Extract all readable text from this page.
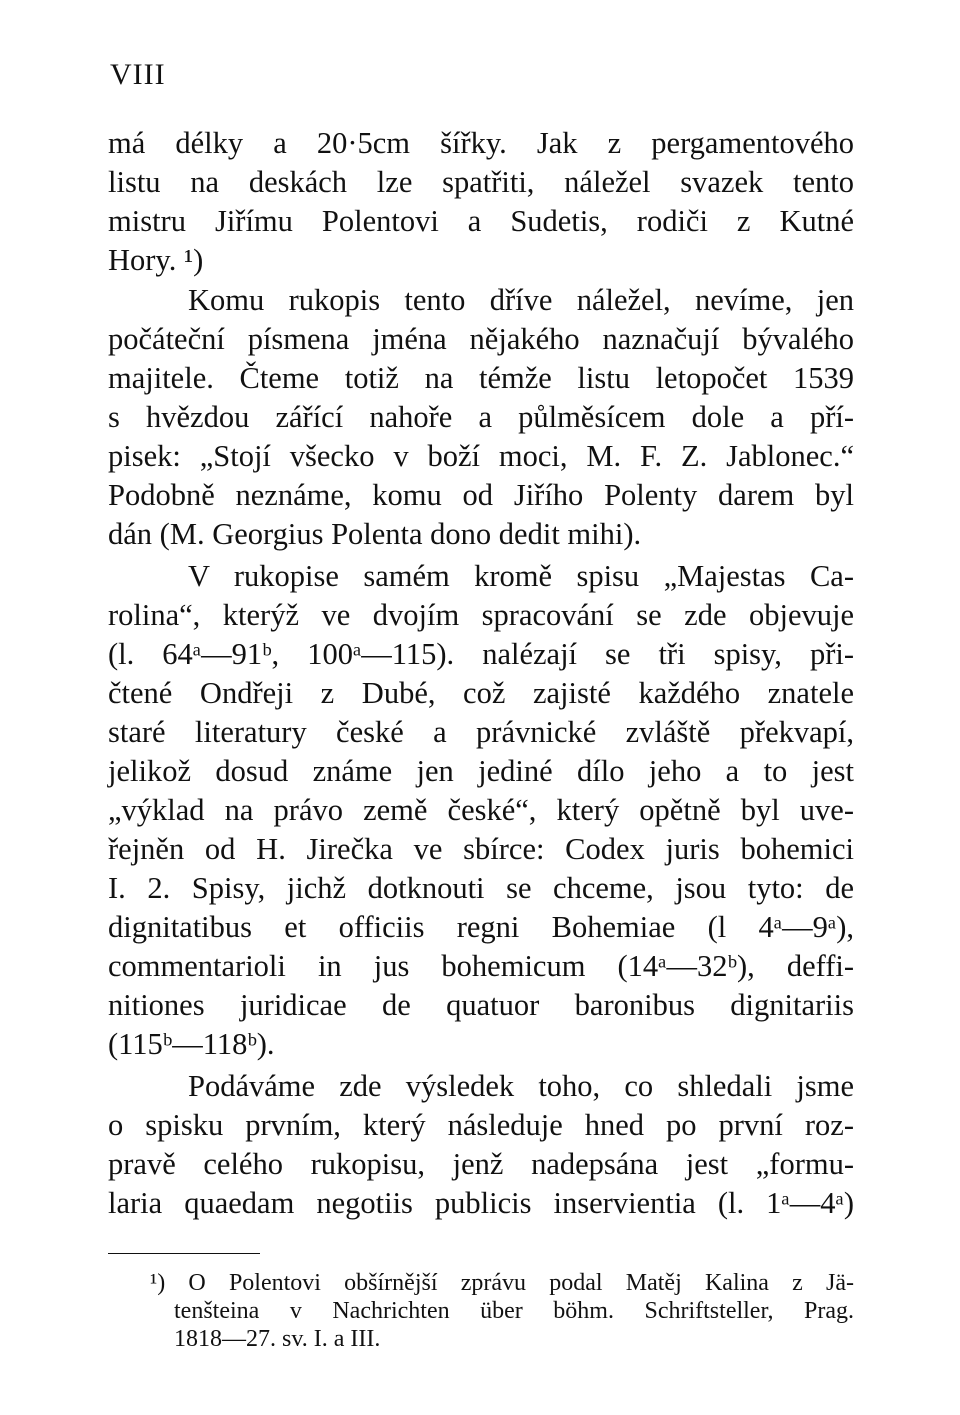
VIII
má délky a 20·5cm šířky. Jak z pergamentového
listu na deskách lze spatřiti, náležel svazek tento
mistru Jiřímu Polentovi a Sudetis, rodiči z Kutné
Hory. ¹)
Komu rukopis tento dříve náležel, nevíme, jen
počáteční písmena jména nějakého naznačují bývalého
majitele. Čteme totiž na témže listu letopočet 1539
s hvězdou zářící nahoře a půlměsícem dole a pří-
pisek: „Stojí všecko v boží moci, M. F. Z. Jablonec.“
Podobně neznáme, komu od Jiřího Polenty darem byl
dán (M. Georgius Polenta dono dedit mihi).
V rukopise samém kromě spisu „Majestas Ca-
rolina“, kterýž ve dvojím spracování se zde objevuje
(l. 64ᵃ—91ᵇ, 100ᵃ—115). nalézají se tři spisy, při-
čtené Ondřeji z Dubé, což zajisté každého znatele
staré literatury české a právnické zvláště překvapí,
jelikož dosud známe jen jediné dílo jeho a to jest
„výklad na právo země české“, který opětně byl uve-
řejněn od H. Jirečka ve sbírce: Codex juris bohemici
I. 2. Spisy, jichž dotknouti se chceme, jsou tyto: de
dignitatibus et officiis regni Bohemiae (l 4ᵃ—9ᵃ),
commentarioli in jus bohemicum (14ᵃ—32ᵇ), deffi-
nitiones juridicae de quatuor baronibus dignitariis
(115ᵇ—118ᵇ).
Podáváme zde výsledek toho, co shledali jsme
o spisku prvním, který následuje hned po první roz-
pravě celého rukopisu, jenž nadepsána jest „formu-
laria quaedam negotiis publicis inservientia (l. 1ᵃ—4ᵃ)
¹) O Polentovi obšírnější zprávu podal Matěj Kalina z Jä-
tenšteina v Nachrichten über böhm. Schriftsteller, Prag.
1818—27. sv. I. a III.
